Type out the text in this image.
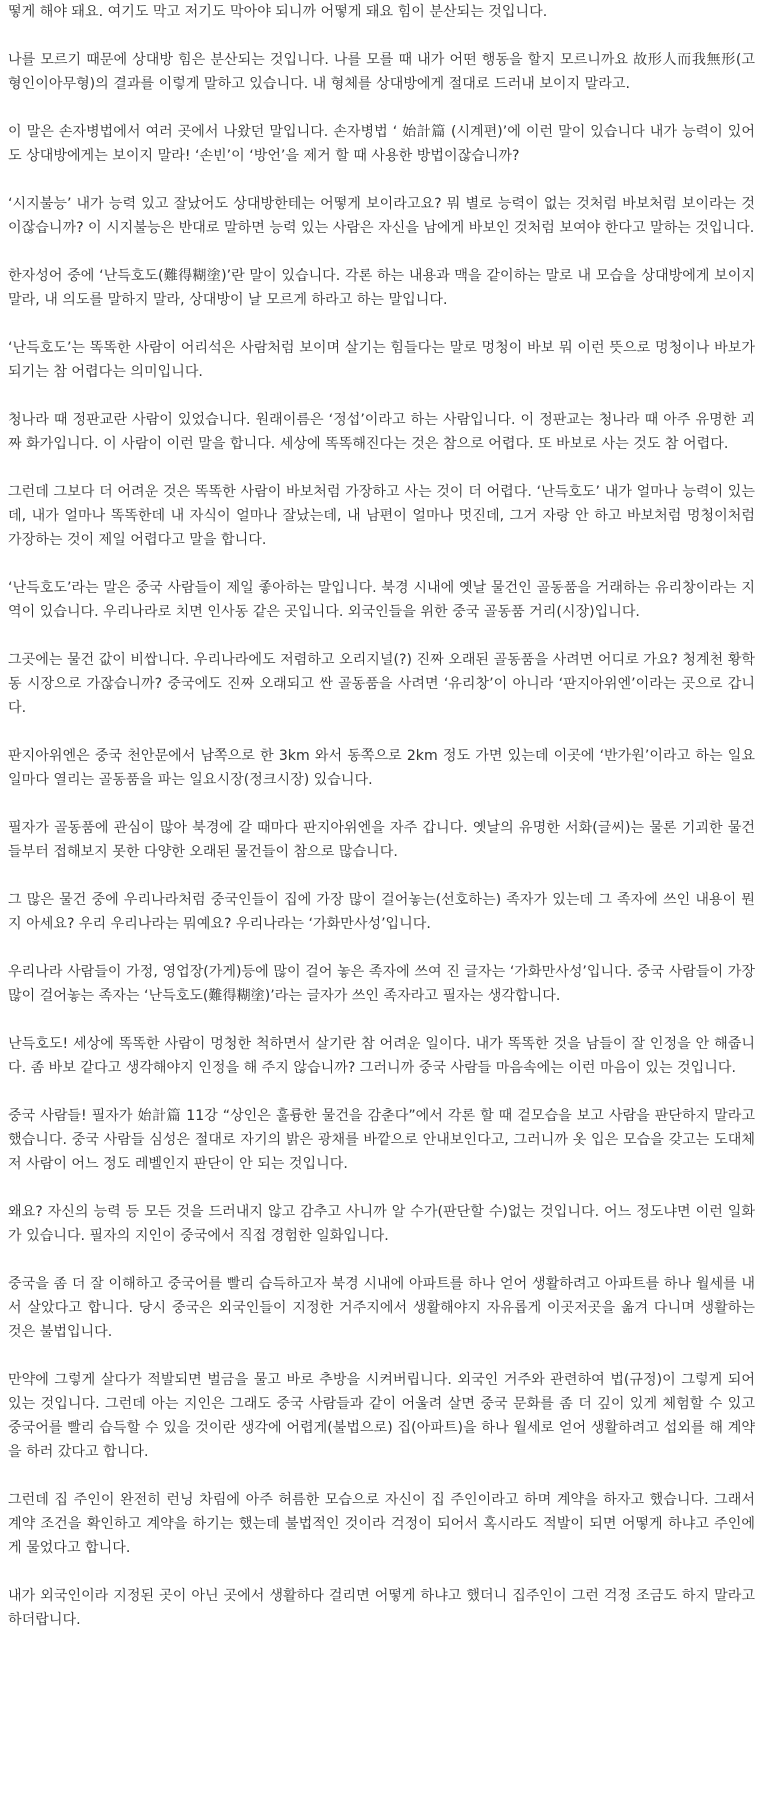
떻게 해야 돼요. 여기도 막고 저기도 막아야 되니까 어떻게 돼요 힘이 분산되는 것입니다.

나를 모르기 때문에 상대방 힘은 분산되는 것입니다. 나를 모를 때 내가 어떤 행동을 할지 모르니까요 故形人而我無形(고형인이아무형)의 결과를 이렇게 말하고 있습니다. 내 형체를 상대방에게 절대로 드러내 보이지 말라고.

이 말은 손자병법에서 여러 곳에서 나왔던 말입니다. 손자병법 ‘ 始計篇 (시계편)’에 이런 말이 있습니다 내가 능력이 있어도 상대방에게는 보이지 말라! ‘손빈’이 ‘방언’을 제거 할 때 사용한 방법이잖습니까?

‘시지불능’ 내가 능력 있고 잘났어도 상대방한테는 어떻게 보이라고요? 뭐 별로 능력이 없는 것처럼 바보처럼 보이라는 것이잖습니까? 이 시지불능은 반대로 말하면 능력 있는 사람은 자신을 남에게 바보인 것처럼 보여야 한다고 말하는 것입니다.

한자성어 중에 ‘난득호도(難得糊塗)’란 말이 있습니다. 각론 하는 내용과 맥을 같이하는 말로 내 모습을 상대방에게 보이지 말라, 내 의도를 말하지 말라, 상대방이 날 모르게 하라고 하는 말입니다.

‘난득호도’는 똑똑한 사람이 어리석은 사람처럼 보이며 살기는 힘들다는 말로 멍청이 바보 뭐 이런 뜻으로 멍청이나 바보가 되기는 참 어렵다는 의미입니다.

청나라 때 정판교란 사람이 있었습니다. 원래이름은 ‘정섭’이라고 하는 사람입니다. 이 정판교는 청나라 때 아주 유명한 괴짜 화가입니다. 이 사람이 이런 말을 합니다. 세상에 똑똑해진다는 것은 참으로 어렵다. 또 바보로 사는 것도 참 어렵다.

그런데 그보다 더 어려운 것은 똑똑한 사람이 바보처럼 가장하고 사는 것이 더 어렵다. ‘난득호도’ 내가 얼마나 능력이 있는데, 내가 얼마나 똑똑한데 내 자식이 얼마나 잘났는데, 내 남편이 얼마나 멋진데, 그거 자랑 안 하고 바보처럼 멍청이처럼 가장하는 것이 제일 어렵다고 말을 합니다.

‘난득호도’라는 말은 중국 사람들이 제일 좋아하는 말입니다. 북경 시내에 옛날 물건인 골동품을 거래하는 유리창이라는 지역이 있습니다. 우리나라로 치면 인사동 같은 곳입니다. 외국인들을 위한 중국 골동품 거리(시장)입니다.

그곳에는 물건 값이 비쌉니다. 우리나라에도 저렴하고 오리지널(?) 진짜 오래된 골동품을 사려면 어디로 가요? 청계천 황학동 시장으로 가잖습니까? 중국에도 진짜 오래되고 싼 골동품을 사려면 ‘유리창’이 아니라 ‘판지아위엔’이라는 곳으로 갑니다.

판지아위엔은 중국 천안문에서 남쪽으로 한 3km 와서 동쪽으로 2km 정도 가면 있는데 이곳에 ‘반가원’이라고 하는 일요일마다 열리는 골동품을 파는 일요시장(정크시장) 있습니다.

필자가 골동품에 관심이 많아 북경에 갈 때마다 판지아위엔을 자주 갑니다. 옛날의 유명한 서화(글씨)는 물론 기괴한 물건들부터 접해보지 못한 다양한 오래된 물건들이 참으로 많습니다.

그 많은 물건 중에 우리나라처럼 중국인들이 집에 가장 많이 걸어놓는(선호하는) 족자가 있는데 그 족자에 쓰인 내용이 뭔지 아세요? 우리 우리나라는 뭐예요? 우리나라는 ‘가화만사성’입니다.

우리나라 사람들이 가정, 영업장(가게)등에 많이 걸어 놓은 족자에 쓰여 진 글자는 ‘가화만사성’입니다. 중국 사람들이 가장 많이 걸어놓는 족자는 ‘난득호도(難得糊塗)’라는 글자가 쓰인 족자라고 필자는 생각합니다.

난득호도! 세상에 똑똑한 사람이 멍청한 척하면서 살기란 참 어려운 일이다. 내가 똑똑한 것을 남들이 잘 인정을 안 해줍니다. 좀 바보 같다고 생각해야지 인정을 해 주지 않습니까? 그러니까 중국 사람들 마음속에는 이런 마음이 있는 것입니다.

중국 사람들! 필자가 始計篇 11강 “상인은 훌륭한 물건을 감춘다”에서 각론 할 때 겉모습을 보고 사람을 판단하지 말라고 했습니다. 중국 사람들 심성은 절대로 자기의 밝은 광채를 바깥으로 안내보인다고, 그러니까 옷 입은 모습을 갖고는 도대체 저 사람이 어느 정도 레벨인지 판단이 안 되는 것입니다.

왜요? 자신의 능력 등 모든 것을 드러내지 않고 감추고 사니까 알 수가(판단할 수)없는 것입니다. 어느 정도냐면 이런 일화가 있습니다. 필자의 지인이 중국에서 직접 경험한 일화입니다.

중국을 좀 더 잘 이해하고 중국어를 빨리 습득하고자 북경 시내에 아파트를 하나 얻어 생활하려고 아파트를 하나 월세를 내서 살았다고 합니다. 당시 중국은 외국인들이 지정한 거주지에서 생활해야지 자유롭게 이곳저곳을 옮겨 다니며 생활하는 것은 불법입니다.

만약에 그렇게 살다가 적발되면 벌금을 물고 바로 추방을 시켜버립니다. 외국인 거주와 관련하여 법(규정)이 그렇게 되어 있는 것입니다. 그런데 아는 지인은 그래도 중국 사람들과 같이 어울려 살면 중국 문화를 좀 더 깊이 있게 체험할 수 있고 중국어를 빨리 습득할 수 있을 것이란 생각에 어렵게(불법으로) 집(아파트)을 하나 월세로 얻어 생활하려고 섭외를 해 계약을 하러 갔다고 합니다.

그런데 집 주인이 완전히 런닝 차림에 아주 허름한 모습으로 자신이 집 주인이라고 하며 계약을 하자고 했습니다. 그래서 계약 조건을 확인하고 계약을 하기는 했는데 불법적인 것이라 걱정이 되어서 혹시라도 적발이 되면 어떻게 하냐고 주인에게 물었다고 합니다.

내가 외국인이라 지정된 곳이 아닌 곳에서 생활하다 걸리면 어떻게 하냐고 했더니 집주인이 그런 걱정 조금도 하지 말라고 하더랍니다.
